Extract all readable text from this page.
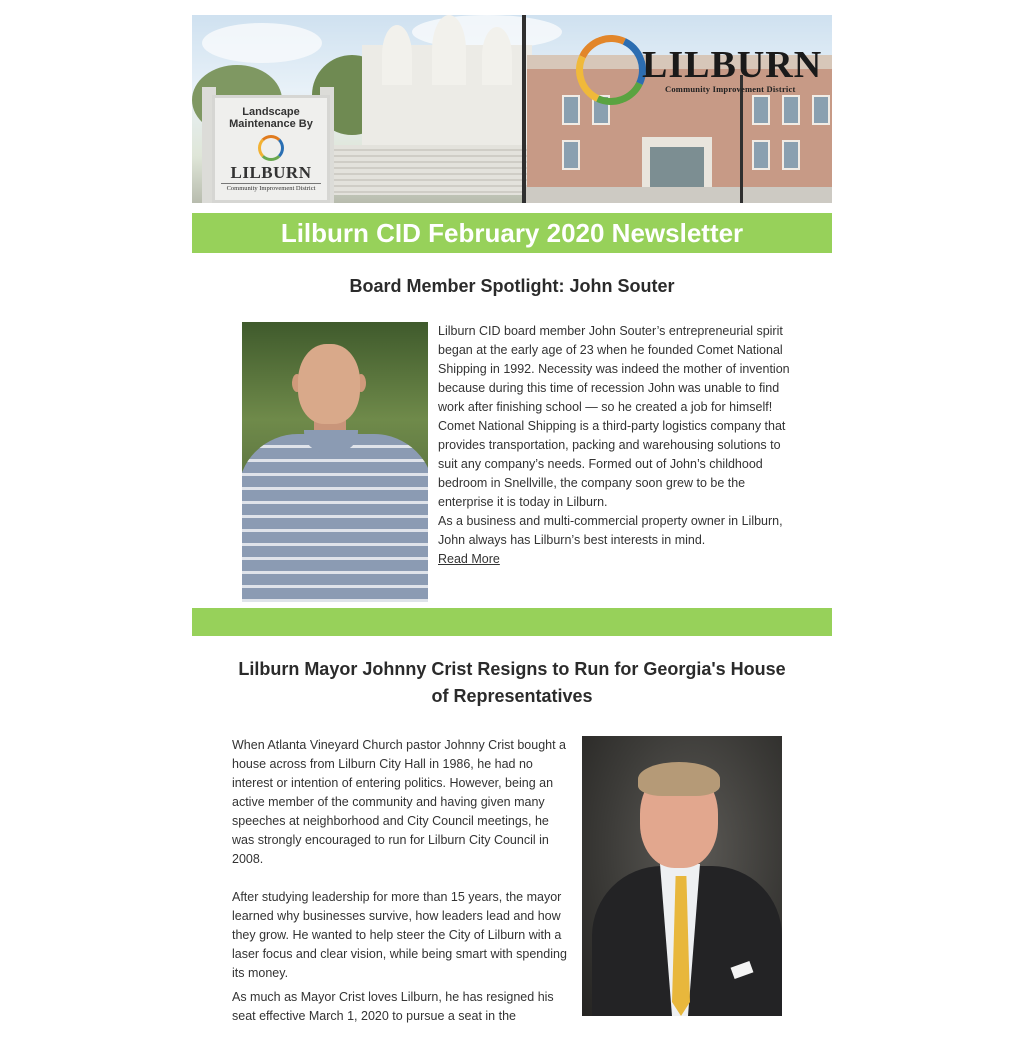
Landscape
Maintenance By
LILBURN
Community Improvement District
LILBURN
Community Improvement District
Lilburn CID February 2020 Newsletter
Board Member Spotlight: John Souter

Lilburn CID board member John Souter’s entrepreneurial spirit began at the early age of 23 when he founded Comet National Shipping in 1992. Necessity was indeed the mother of invention because during this time of recession John was unable to find work after finishing school — so he created a job for himself!

Comet National Shipping is a third-party logistics company that provides transportation, packing and warehousing solutions to suit any company’s needs. Formed out of John’s childhood bedroom in Snellville, the company soon grew to be the enterprise it is today in Lilburn.

As a business and multi-commercial property owner in Lilburn, John always has Lilburn’s best interests in mind.

Read More

Lilburn Mayor Johnny Crist Resigns to Run for Georgia's House of Representatives

When Atlanta Vineyard Church pastor Johnny Crist bought a house across from Lilburn City Hall in 1986, he had no interest or intention of entering politics. However, being an active member of the community and having given many speeches at neighborhood and City Council meetings, he was strongly encouraged to run for Lilburn City Council in 2008.

After studying leadership for more than 15 years, the mayor learned why businesses survive, how leaders lead and how they grow. He wanted to help steer the City of Lilburn with a laser focus and clear vision, while being smart with spending its money.

As much as Mayor Crist loves Lilburn, he has resigned his seat effective March 1, 2020 to pursue a seat in the
